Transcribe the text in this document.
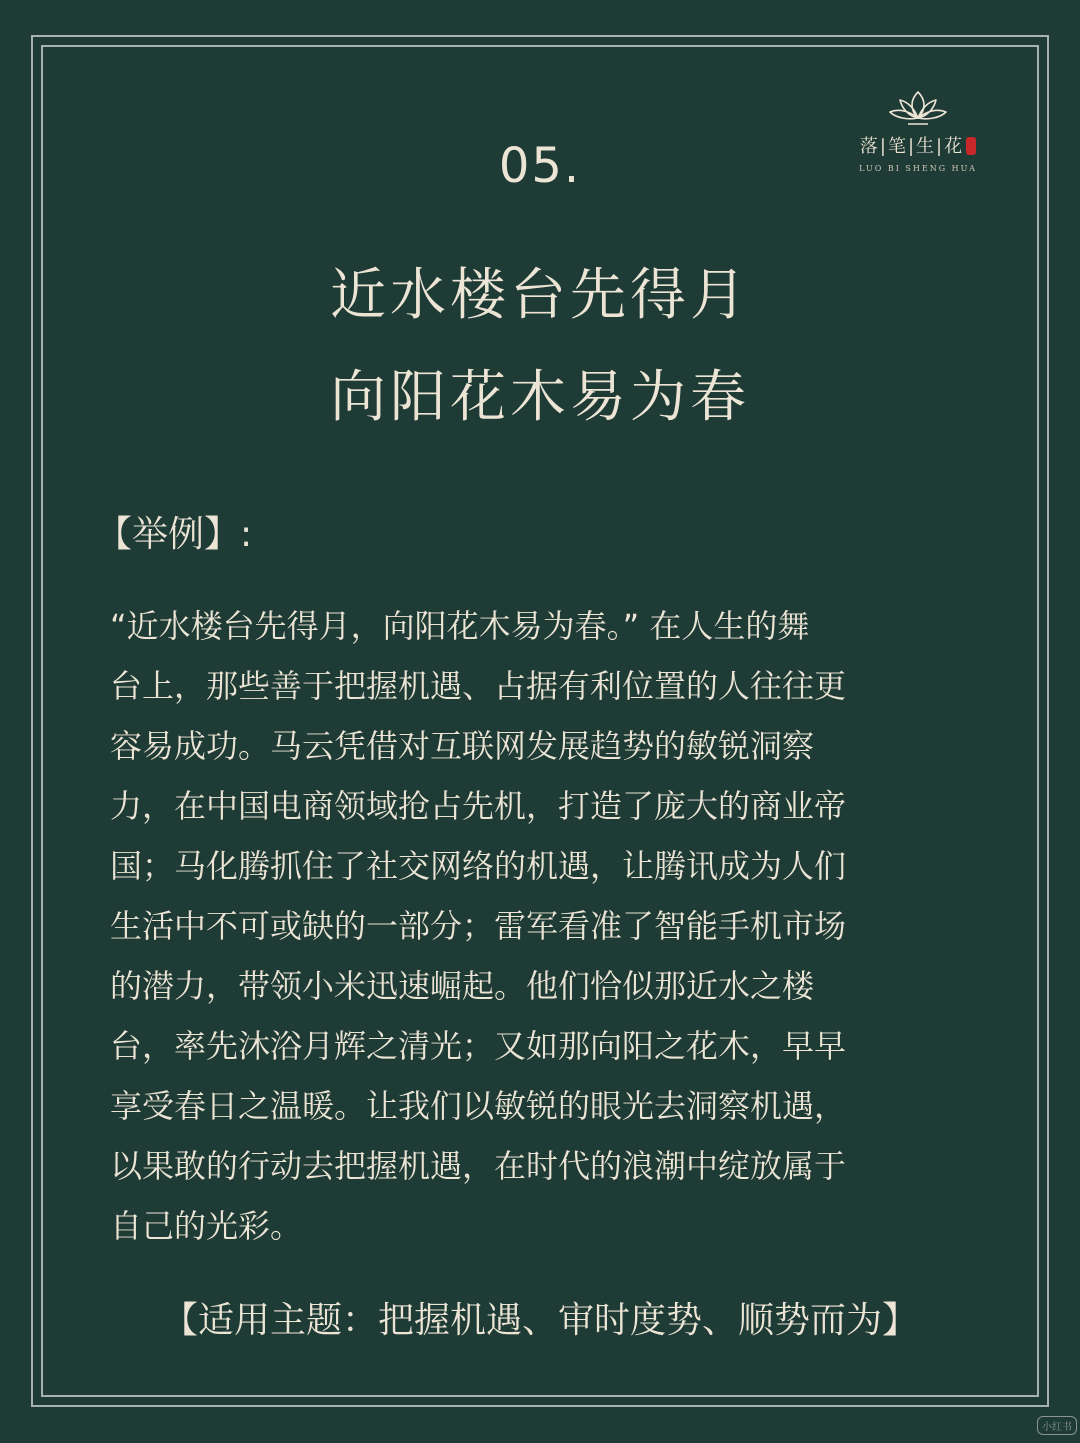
落|笔|生|花
LUO BI SHENG HUA
05.
近水楼台先得月
向阳花木易为春
【举例】:
“近水楼台先得月，向阳花木易为春。” 在人生的舞
台上，那些善于把握机遇、占据有利位置的人往往更
容易成功。马云凭借对互联网发展趋势的敏锐洞察
力，在中国电商领域抢占先机，打造了庞大的商业帝
国；马化腾抓住了社交网络的机遇，让腾讯成为人们
生活中不可或缺的一部分；雷军看准了智能手机市场
的潜力，带领小米迅速崛起。他们恰似那近水之楼
台，率先沐浴月辉之清光；又如那向阳之花木，早早
享受春日之温暖。让我们以敏锐的眼光去洞察机遇，
以果敢的行动去把握机遇，在时代的浪潮中绽放属于
自己的光彩。
【适用主题：把握机遇、审时度势、顺势而为】
小红书
